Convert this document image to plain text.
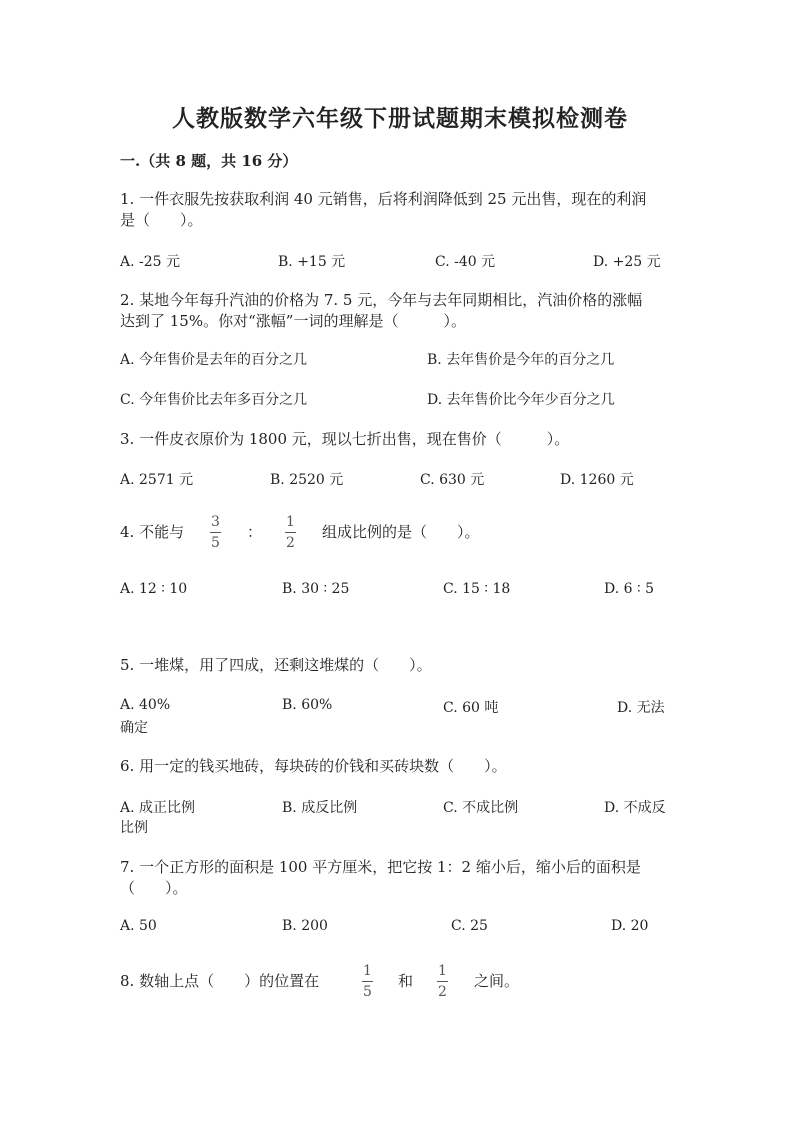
人教版数学六年级下册试题期末模拟检测卷
一.（共 8 题，共 16 分）
1. 一件衣服先按获取利润 40 元销售，后将利润降低到 25 元出售，现在的利润
是（　　）。
A. -25 元	B. +15 元	C. -40 元	D. +25 元
2. 某地今年每升汽油的价格为 7. 5 元，今年与去年同期相比，汽油价格的涨幅
达到了 15%。你对“涨幅”一词的理解是（　　　）。
A. 今年售价是去年的百分之几	B. 去年售价是今年的百分之几
C. 今年售价比去年多百分之几	D. 去年售价比今年少百分之几
3. 一件皮衣原价为 1800 元，现以七折出售，现在售价（　　　）。
A. 2571 元	B. 2520 元	C. 630 元	D. 1260 元
4. 不能与
3
5
：
1
2
组成比例的是（　　）。
A. 12 ∶ 10	B. 30 ∶ 25	C. 15 ∶ 18	D. 6 ∶ 5
5. 一堆煤，用了四成，还剩这堆煤的（　　）。
A. 40%	B. 60%	C. 60 吨	D. 无法
确定
6. 用一定的钱买地砖，每块砖的价钱和买砖块数（　　）。
A. 成正比例	B. 成反比例	C. 不成比例	D. 不成反
比例
7. 一个正方形的面积是 100 平方厘米，把它按 1：2 缩小后，缩小后的面积是
（　　）。
A. 50	B. 200	C. 25	D. 20
8. 数轴上点（　　）的位置在
1
5
和
1
2
之间。
